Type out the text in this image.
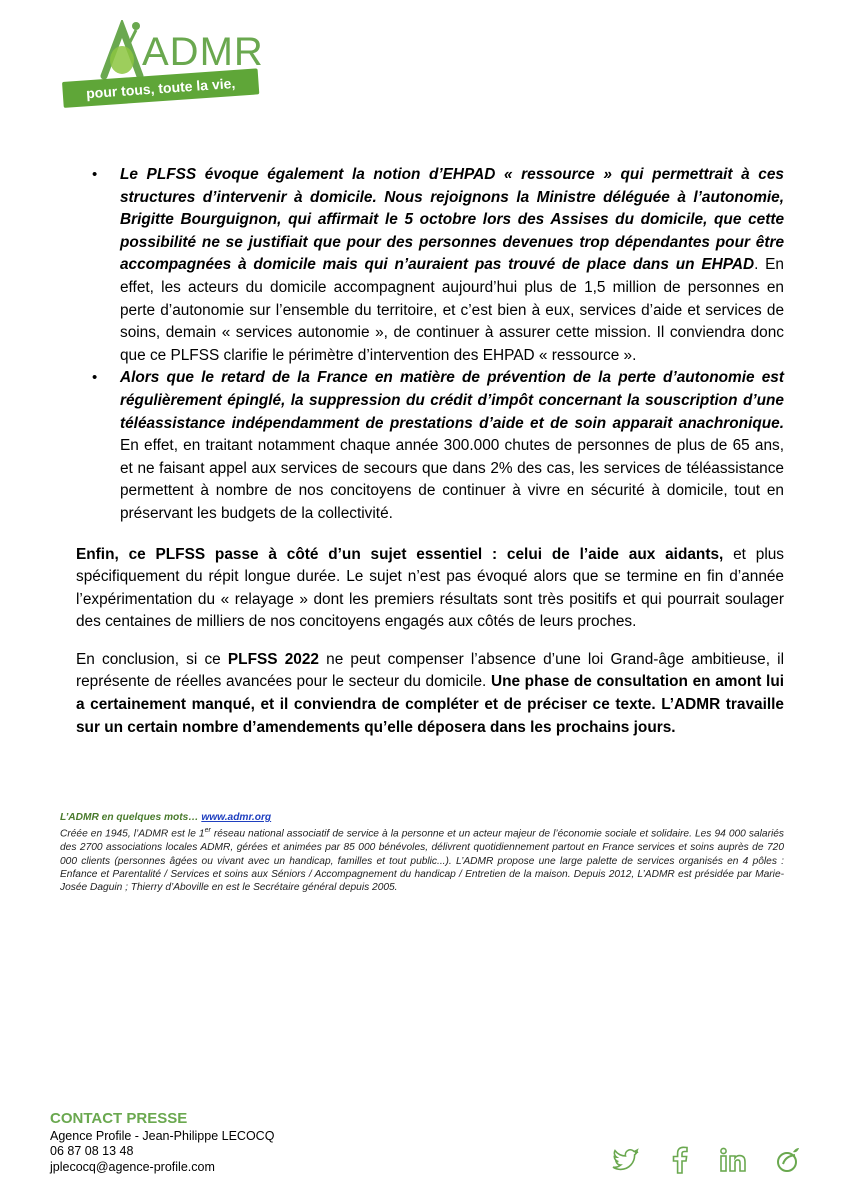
ADMR
pour tous, toute la vie, partout
• Le PLFSS évoque également la notion d’EHPAD « ressource » qui permettrait à ces structures d’intervenir à domicile. Nous rejoignons la Ministre déléguée à l’autonomie, Brigitte Bourguignon, qui affirmait le 5 octobre lors des Assises du domicile, que cette possibilité ne se justifiait que pour des personnes devenues trop dépendantes pour être accompagnées à domicile mais qui n’auraient pas trouvé de place dans un EHPAD. En effet, les acteurs du domicile accompagnent aujourd’hui plus de 1,5 million de personnes en perte d’autonomie sur l’ensemble du territoire, et c’est bien à eux, services d’aide et services de soins, demain « services autonomie », de continuer à assurer cette mission. Il conviendra donc que ce PLFSS clarifie le périmètre d’intervention des EHPAD « ressource ».
• Alors que le retard de la France en matière de prévention de la perte d’autonomie est régulièrement épinglé, la suppression du crédit d’impôt concernant la souscription d’une téléassistance indépendamment de prestations d’aide et de soin apparait anachronique. En effet, en traitant notamment chaque année 300.000 chutes de personnes de plus de 65 ans, et ne faisant appel aux services de secours que dans 2% des cas, les services de téléassistance permettent à nombre de nos concitoyens de continuer à vivre en sécurité à domicile, tout en préservant les budgets de la collectivité.

Enfin, ce PLFSS passe à côté d’un sujet essentiel : celui de l’aide aux aidants, et plus spécifiquement du répit longue durée. Le sujet n’est pas évoqué alors que se termine en fin d’année l’expérimentation du « relayage » dont les premiers résultats sont très positifs et qui pourrait soulager des centaines de milliers de nos concitoyens engagés aux côtés de leurs proches.

En conclusion, si ce PLFSS 2022 ne peut compenser l’absence d’une loi Grand-âge ambitieuse, il représente de réelles avancées pour le secteur du domicile. Une phase de consultation en amont lui a certainement manqué, et il conviendra de compléter et de préciser ce texte. L’ADMR travaille sur un certain nombre d’amendements qu’elle déposera dans les prochains jours.

L’ADMR en quelques mots… www.admr.org
Créée en 1945, l’ADMR est le 1er réseau national associatif de service à la personne et un acteur majeur de l’économie sociale et solidaire. Les 94 000 salariés des 2700 associations locales ADMR, gérées et animées par 85 000 bénévoles, délivrent quotidiennement partout en France services et soins auprès de 720 000 clients (personnes âgées ou vivant avec un handicap, familles et tout public...). L’ADMR propose une large palette de services organisés en 4 pôles : Enfance et Parentalité / Services et soins aux Séniors / Accompagnement du handicap / Entretien de la maison. Depuis 2012, L’ADMR est présidée par Marie-Josée Daguin ; Thierry d’Aboville en est le Secrétaire général depuis 2005.
CONTACT PRESSE
Agence Profile - Jean-Philippe LECOCQ
06 87 08 13 48
jplecocq@agence-profile.com
